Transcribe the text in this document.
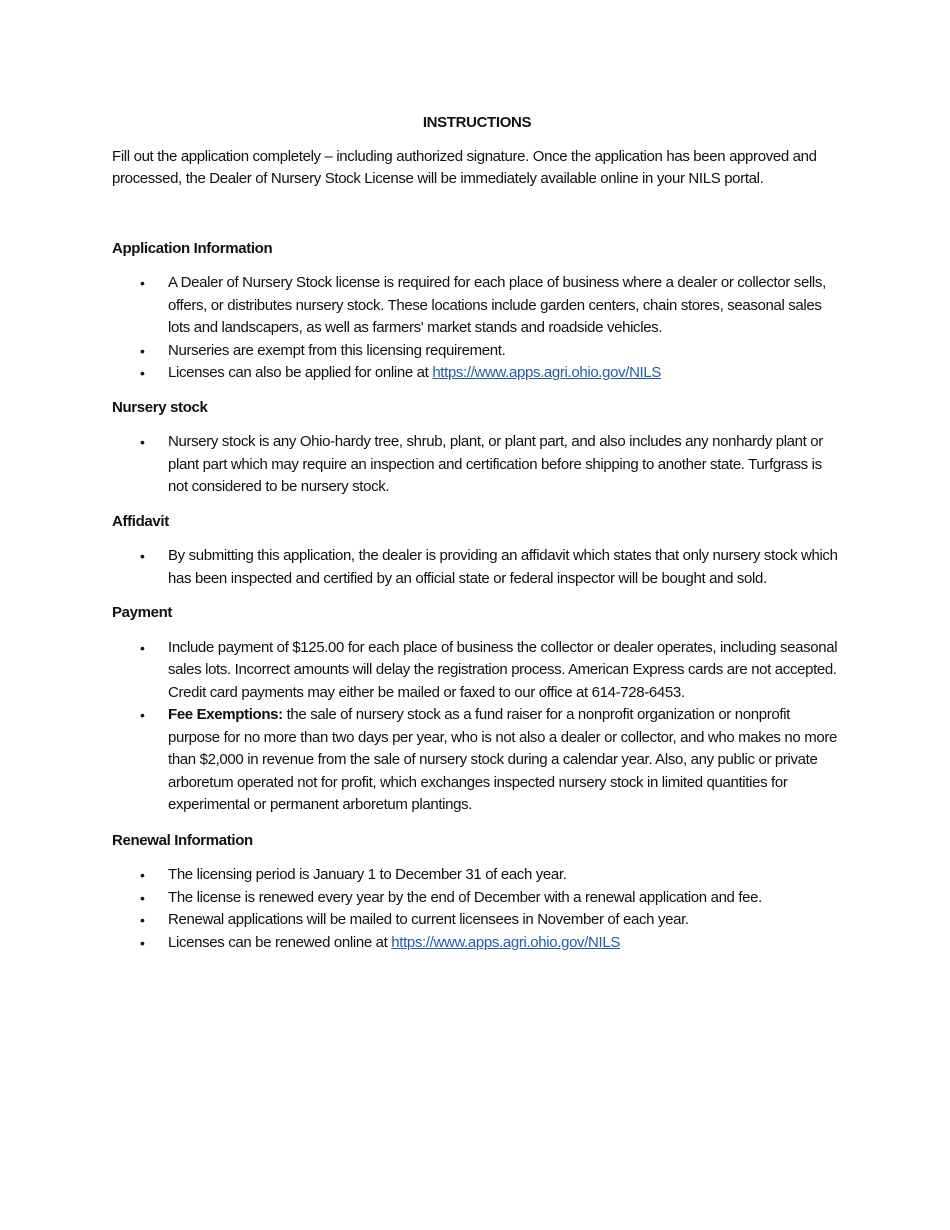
INSTRUCTIONS

Fill out the application completely – including authorized signature. Once the application has been approved and processed, the Dealer of Nursery Stock License will be immediately available online in your NILS portal.

Application Information

• A Dealer of Nursery Stock license is required for each place of business where a dealer or collector sells, offers, or distributes nursery stock. These locations include garden centers, chain stores, seasonal sales lots and landscapers, as well as farmers' market stands and roadside vehicles.
• Nurseries are exempt from this licensing requirement.
• Licenses can also be applied for online at https://www.apps.agri.ohio.gov/NILS

Nursery stock

• Nursery stock is any Ohio-hardy tree, shrub, plant, or plant part, and also includes any nonhardy plant or plant part which may require an inspection and certification before shipping to another state. Turfgrass is not considered to be nursery stock.

Affidavit

• By submitting this application, the dealer is providing an affidavit which states that only nursery stock which has been inspected and certified by an official state or federal inspector will be bought and sold.

Payment

• Include payment of $125.00 for each place of business the collector or dealer operates, including seasonal sales lots. Incorrect amounts will delay the registration process. American Express cards are not accepted. Credit card payments may either be mailed or faxed to our office at 614-728-6453.
• Fee Exemptions: the sale of nursery stock as a fund raiser for a nonprofit organization or nonprofit purpose for no more than two days per year, who is not also a dealer or collector, and who makes no more than $2,000 in revenue from the sale of nursery stock during a calendar year. Also, any public or private arboretum operated not for profit, which exchanges inspected nursery stock in limited quantities for experimental or permanent arboretum plantings.

Renewal Information

• The licensing period is January 1 to December 31 of each year.
• The license is renewed every year by the end of December with a renewal application and fee.
• Renewal applications will be mailed to current licensees in November of each year.
• Licenses can be renewed online at https://www.apps.agri.ohio.gov/NILS
